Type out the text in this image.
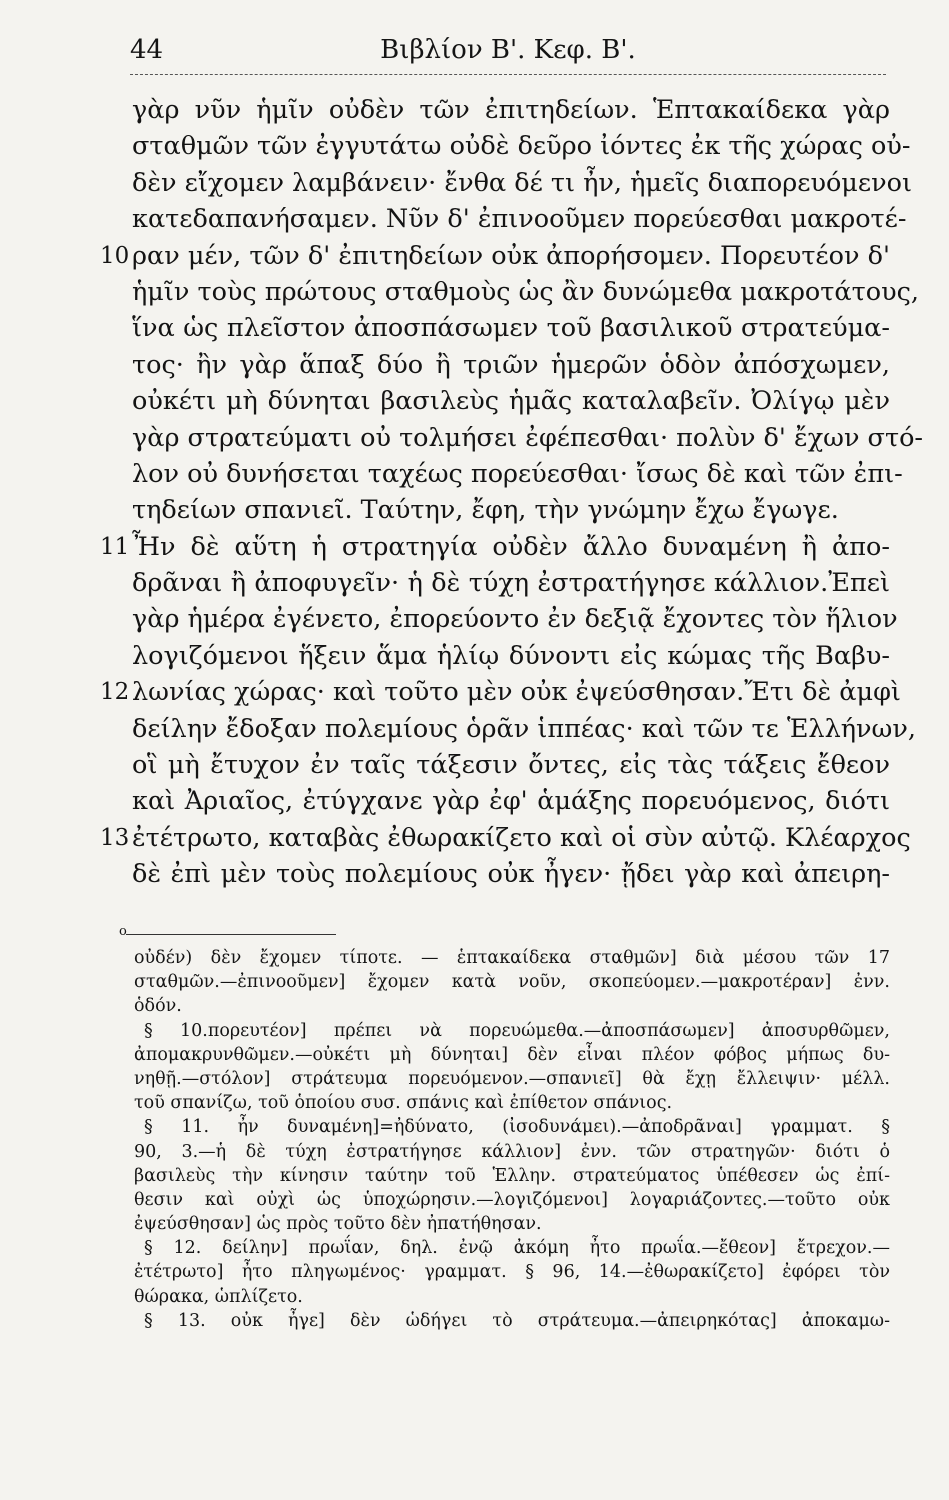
44	Βιβλίον Β'. Κεφ. Β'.
10
11
12
13
γὰρ νῦν ἡμῖν οὐδὲν τῶν ἐπιτηδείων. Ἑπτακαίδεκα γὰρ
σταθμῶν τῶν ἐγγυτάτω οὐδὲ δεῦρο ἰόντες ἐκ τῆς χώρας οὐ-
δὲν εἴχομεν λαμβάνειν· ἔνθα δέ τι ἦν, ἡμεῖς διαπορευόμενοι
κατεδαπανήσαμεν. Νῦν δ' ἐπινοοῦμεν πορεύεσθαι μακροτέ-
ραν μέν, τῶν δ' ἐπιτηδείων οὐκ ἀπορήσομεν. Πορευτέον δ'
ἡμῖν τοὺς πρώτους σταθμοὺς ὡς ἂν δυνώμεθα μακροτάτους,
ἵνα ὡς πλεῖστον ἀποσπάσωμεν τοῦ βασιλικοῦ στρατεύμα-
τος· ἢν γὰρ ἅπαξ δύο ἢ τριῶν ἡμερῶν ὁδὸν ἀπόσχωμεν,
οὐκέτι μὴ δύνηται βασιλεὺς ἡμᾶς καταλαβεῖν. Ὀλίγῳ μὲν
γὰρ στρατεύματι οὐ τολμήσει ἐφέπεσθαι· πολὺν δ' ἔχων στό-
λον οὐ δυνήσεται ταχέως πορεύεσθαι· ἴσως δὲ καὶ τῶν ἐπι-
τηδείων σπανιεῖ. Ταύτην, ἔφη, τὴν γνώμην ἔχω ἔγωγε.
Ἦν δὲ αὕτη ἡ στρατηγία οὐδὲν ἄλλο δυναμένη ἢ ἀπο-
δρᾶναι ἢ ἀποφυγεῖν· ἡ δὲ τύχη ἐστρατήγησε κάλλιον.Ἐπεὶ
γὰρ ἡμέρα ἐγένετο, ἐπορεύοντο ἐν δεξιᾷ ἔχοντες τὸν ἥλιον
λογιζόμενοι ἥξειν ἅμα ἡλίῳ δύνοντι εἰς κώμας τῆς Βαβυ-
λωνίας χώρας· καὶ τοῦτο μὲν οὐκ ἐψεύσθησαν.Ἔτι δὲ ἀμφὶ
δείλην ἔδοξαν πολεμίους ὁρᾶν ἱππέας· καὶ τῶν τε Ἑλλήνων,
οἳ μὴ ἔτυχον ἐν ταῖς τάξεσιν ὄντες, εἰς τὰς τάξεις ἔθεον
καὶ Ἀριαῖος, ἐτύγχανε γὰρ ἐφ' ἁμάξης πορευόμενος, διότι
ἐτέτρωτο, καταβὰς ἐθωρακίζετο καὶ οἱ σὺν αὐτῷ. Κλέαρχος
δὲ ἐπὶ μὲν τοὺς πολεμίους οὐκ ἦγεν· ᾔδει γὰρ καὶ ἀπειρη-
o
οὐδέν) δὲν ἔχομεν τίποτε. — ἑπτακαίδεκα σταθμῶν] διὰ μέσου τῶν 17
σταθμῶν.—ἐπινοοῦμεν] ἔχομεν κατὰ νοῦν, σκοπεύομεν.—μακροτέραν] ἐνν.
ὁδόν.
§ 10.πορευτέον] πρέπει νὰ πορευώμεθα.—ἀποσπάσωμεν] ἀποσυρθῶμεν,
ἀπομακρυνθῶμεν.—οὐκέτι μὴ δύνηται] δὲν εἶναι πλέον φόβος μήπως δυ-
νηθῇ.—στόλον] στράτευμα πορευόμενον.—σπανιεῖ] θὰ ἔχῃ ἔλλειψιν· μέλλ.
τοῦ σπανίζω, τοῦ ὁποίου συσ. σπάνις καὶ ἐπίθετον σπάνιος.
§ 11. ἦν δυναμένη]=ἠδύνατο, (ἰσοδυνάμει).—ἀποδρᾶναι] γραμματ. §
90, 3.—ἡ δὲ τύχη ἐστρατήγησε κάλλιον] ἐνν. τῶν στρατηγῶν· διότι ὁ
βασιλεὺς τὴν κίνησιν ταύτην τοῦ Ἑλλην. στρατεύματος ὑπέθεσεν ὡς ἐπί-
θεσιν καὶ οὐχὶ ὡς ὑποχώρησιν.—λογιζόμενοι] λογαριάζοντες.—τοῦτο οὐκ
ἐψεύσθησαν] ὡς πρὸς τοῦτο δὲν ἠπατήθησαν.
§ 12. δείλην] πρωΐαν, δηλ. ἐνῷ ἀκόμη ἦτο πρωΐα.—ἔθεον] ἔτρεχον.—
ἐτέτρωτο] ἦτο πληγωμένος· γραμματ. § 96, 14.—ἐθωρακίζετο] ἐφόρει τὸν
θώρακα, ὡπλίζετο.
§ 13. οὐκ ἦγε] δὲν ὡδήγει τὸ στράτευμα.—ἀπειρηκότας] ἀποκαμω-
